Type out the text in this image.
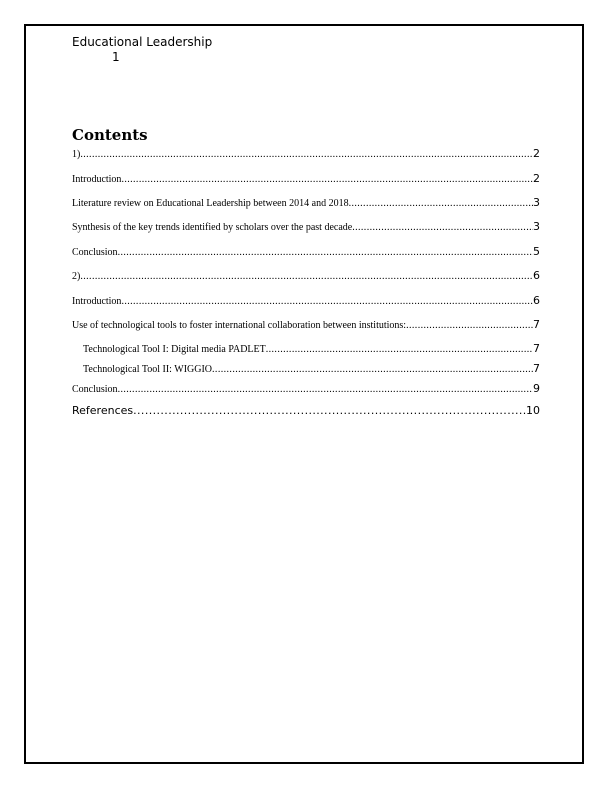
Educational Leadership
1
Contents
1) .....	2
Introduction .....	2
Literature review on Educational Leadership between 2014 and 2018 .....	3
Synthesis of the key trends identified by scholars over the past decade .....	3
Conclusion .....	5
2) .....	6
Introduction .....	6
Use of technological tools to foster international collaboration between institutions: .....	7
Technological Tool I: Digital media PADLET .....	7
Technological Tool II: WIGGIO .....	7
Conclusion .....	9
References .....	10
